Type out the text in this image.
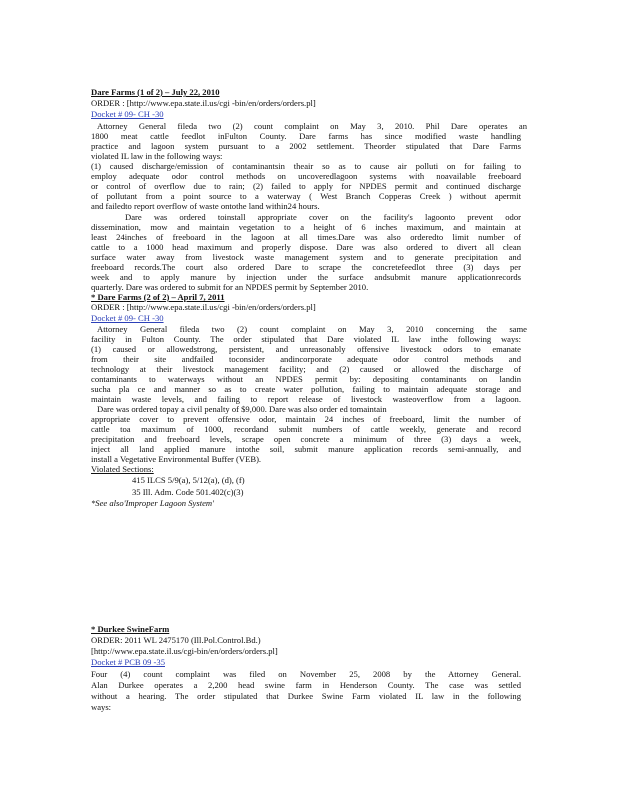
Dare Farms (1 of 2) – July 22, 2010
ORDER : [http://www.epa.state.il.us/cgi -bin/en/orders/orders.pl]
Docket # 09- CH -30
Attorney General fileda two (2) count complaint on May 3, 2010. Phil Dare operates an
1800 meat cattle feedlot inFulton County. Dare farms has since modified waste handling
practice and lagoon system pursuant to a 2002 settlement. Theorder stipulated that Dare Farms
violated IL law in the following ways:
(1) caused discharge/emission of contaminantsin theair so as to cause air polluti on for failing to
employ adequate odor control methods on uncoveredlagoon systems with noavailable freeboard
or control of overflow due to rain; (2) failed to apply for NPDES permit and continued discharge
of pollutant from a point source to a waterway ( West Branch Copperas Creek ) without apermit
and failedto report overflow of waste ontothe land within24 hours.
Dare was ordered toinstall appropriate cover on the facility's lagoonto prevent odor
dissemination, mow and maintain vegetation to a height of 6 inches maximum, and maintain at
least 24inches of freeboard in the lagoon at all times.Dare was also orderedto limit number of
cattle to a 1000 head maximum and properly dispose. Dare was also ordered to divert all clean
surface water away from livestock waste management system and to generate precipitation and
freeboard records.The court also ordered Dare to scrape the concretefeedlot three (3) days per
week and to apply manure by injection under the surface andsubmit manure applicationrecords
quarterly. Dare was ordered to submit for an NPDES permit by September 2010.
* Dare Farms (2 of 2) – April 7, 2011
ORDER : [http://www.epa.state.il.us/cgi -bin/en/orders/orders.pl]
Docket # 09- CH -30
Attorney General fileda two (2) count complaint on May 3, 2010 concerning the same
facility in Fulton County. The order stipulated that Dare violated IL law inthe following ways:
(1) caused or allowedstrong, persistent, and unreasonably offensive livestock odors to emanate
from their site andfailed toconsider andincorporate adequate odor control methods and
technology at their livestock management facility; and (2) caused or allowed the discharge of
contaminants to waterways without an NPDES permit by: depositing contaminants on landin
sucha pla ce and manner so as to create water pollution, failing to maintain adequate storage and
maintain waste levels, and failing to report release of livestock wasteoverflow from a lagoon.
Dare was ordered topay a civil penalty of $9,000. Dare was also order ed tomaintain
appropriate cover to prevent offensive odor, maintain 24 inches of freeboard, limit the number of
cattle toa maximum of 1000, recordand submit numbers of cattle weekly, generate and record
precipitation and freeboard levels, scrape open concrete a minimum of three (3) days a week,
inject all land applied manure intothe soil, submit manure application records semi-annually, and
install a Vegetative Environmental Buffer (VEB).
Violated Sections:
415 ILCS 5/9(a), 5/12(a), (d), (f)
35 Ill. Adm. Code 501.402(c)(3)
*See also'Improper Lagoon System'
* Durkee SwineFarm
ORDER: 2011 WL 2475170 (Ill.Pol.Control.Bd.)
[http://www.epa.state.il.us/cgi-bin/en/orders/orders.pl]
Docket # PCB 09 -35
Four (4) count complaint was filed on November 25, 2008 by the Attorney General.
Alan Durkee operates a 2,200 head swine farm in Henderson County. The case was settled
without a hearing. The order stipulated that Durkee Swine Farm violated IL law in the following
ways:
